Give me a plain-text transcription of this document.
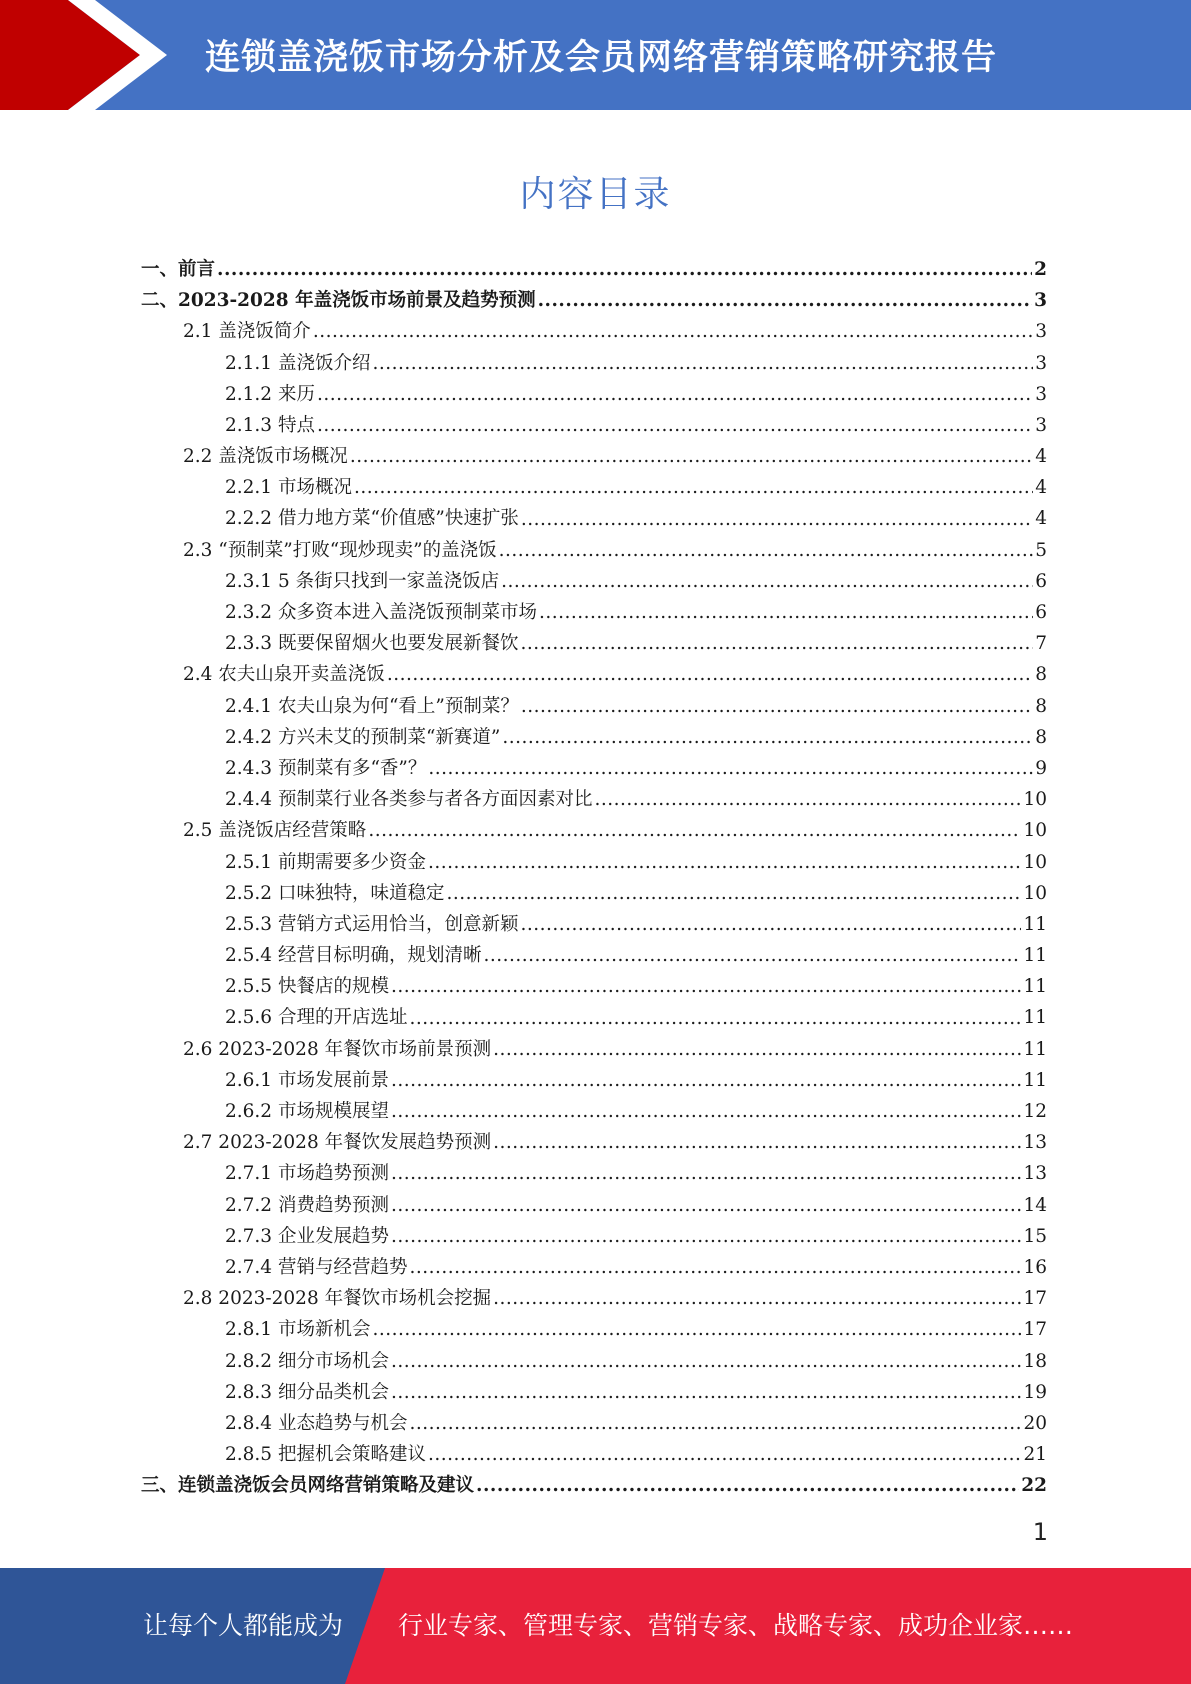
连锁盖浇饭市场分析及会员网络营销策略研究报告
内容目录
一、前言 .....	2
二、2023-2028 年盖浇饭市场前景及趋势预测 .....	3
2.1 盖浇饭简介 .....	3
2.1.1 盖浇饭介绍 .....	3
2.1.2 来历 .....	3
2.1.3 特点 .....	3
2.2 盖浇饭市场概况 .....	4
2.2.1 市场概况 .....	4
2.2.2 借力地方菜“价值感”快速扩张 .....	4
2.3 “预制菜”打败“现炒现卖”的盖浇饭 .....	5
2.3.1 5 条街只找到一家盖浇饭店 .....	6
2.3.2 众多资本进入盖浇饭预制菜市场 .....	6
2.3.3 既要保留烟火也要发展新餐饮 .....	7
2.4 农夫山泉开卖盖浇饭 .....	8
2.4.1 农夫山泉为何“看上”预制菜？ .....	8
2.4.2 方兴未艾的预制菜“新赛道” .....	8
2.4.3 预制菜有多“香”？ .....	9
2.4.4 预制菜行业各类参与者各方面因素对比 .....	10
2.5 盖浇饭店经营策略 .....	10
2.5.1 前期需要多少资金 .....	10
2.5.2 口味独特，味道稳定 .....	10
2.5.3 营销方式运用恰当，创意新颖 .....	11
2.5.4 经营目标明确，规划清晰 .....	11
2.5.5 快餐店的规模 .....	11
2.5.6 合理的开店选址 .....	11
2.6 2023-2028 年餐饮市场前景预测 .....	11
2.6.1 市场发展前景 .....	11
2.6.2 市场规模展望 .....	12
2.7 2023-2028 年餐饮发展趋势预测 .....	13
2.7.1 市场趋势预测 .....	13
2.7.2 消费趋势预测 .....	14
2.7.3 企业发展趋势 .....	15
2.7.4 营销与经营趋势 .....	16
2.8 2023-2028 年餐饮市场机会挖掘 .....	17
2.8.1 市场新机会 .....	17
2.8.2 细分市场机会 .....	18
2.8.3 细分品类机会 .....	19
2.8.4 业态趋势与机会 .....	20
2.8.5 把握机会策略建议 .....	21
三、连锁盖浇饭会员网络营销策略及建议 .....	22
1
让每个人都能成为 行业专家、管理专家、营销专家、战略专家、成功企业家……
